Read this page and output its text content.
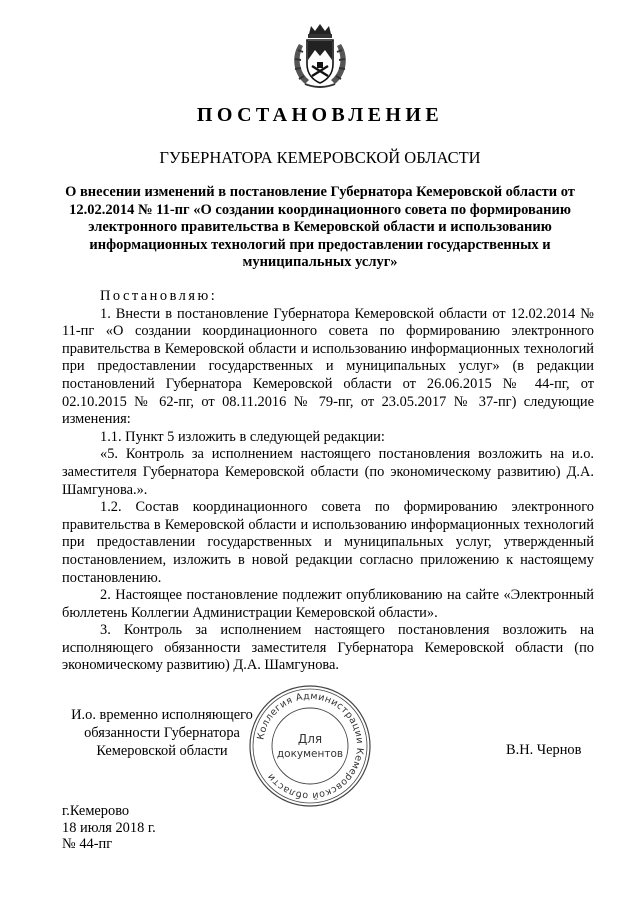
ПОСТАНОВЛЕНИЕ
ГУБЕРНАТОРА КЕМЕРОВСКОЙ ОБЛАСТИ
О внесении изменений в постановление Губернатора Кемеровской области от 12.02.2014 № 11-пг «О создании координационного совета по формированию электронного правительства в Кемеровской области и использованию информационных технологий при предоставлении государственных и муниципальных услуг»

Постановляю:

1. Внести в постановление Губернатора Кемеровской области от 12.02.2014 № 11-пг «О создании координационного совета по формированию электронного правительства в Кемеровской области и использованию информационных технологий при предоставлении государственных и муниципальных услуг» (в редакции постановлений Губернатора Кемеровской области от 26.06.2015 № 44-пг, от 02.10.2015 № 62-пг, от 08.11.2016 № 79-пг, от 23.05.2017 № 37-пг) следующие изменения:

1.1. Пункт 5 изложить в следующей редакции:

«5. Контроль за исполнением настоящего постановления возложить на и.о. заместителя Губернатора Кемеровской области (по экономическому развитию) Д.А. Шамгунова.».

1.2. Состав координационного совета по формированию электронного правительства в Кемеровской области и использованию информационных технологий при предоставлении государственных и муниципальных услуг, утвержденный постановлением, изложить в новой редакции согласно приложению к настоящему постановлению.

2. Настоящее постановление подлежит опубликованию на сайте «Электронный бюллетень Коллегии Администрации Кемеровской области».

3. Контроль за исполнением настоящего постановления возложить на исполняющего обязанности заместителя Губернатора Кемеровской области (по экономическому развитию) Д.А. Шамгунова.

И.о. временно исполняющего
обязанности Губернатора
Кемеровской области
Коллегия Администрации Кемеровской области
Для
документов	В.Н. Чернов
г.Кемерово
18 июля 2018 г.
№ 44-пг
